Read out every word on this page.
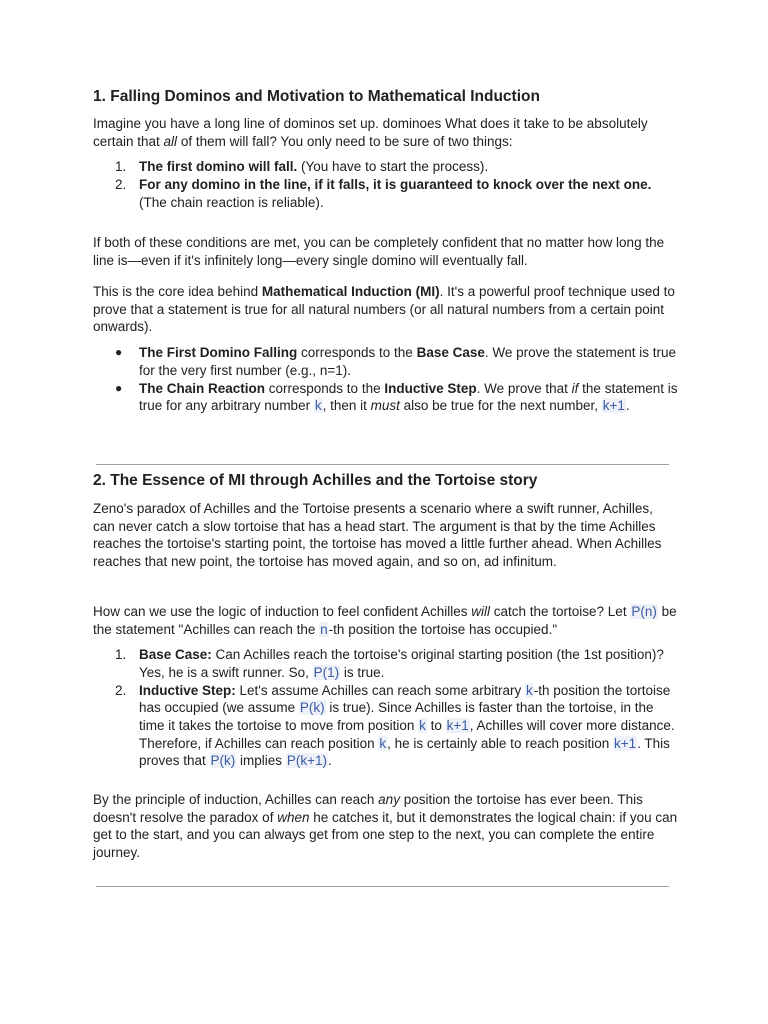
1. Falling Dominos and Motivation to Mathematical Induction

Imagine you have a long line of dominos set up. dominoes What does it take to be absolutely certain that all of them will fall? You only need to be sure of two things:

1. The first domino will fall. (You have to start the process).
2. For any domino in the line, if it falls, it is guaranteed to knock over the next one. (The chain reaction is reliable).

If both of these conditions are met, you can be completely confident that no matter how long the line is—even if it's infinitely long—every single domino will eventually fall.

This is the core idea behind Mathematical Induction (MI). It's a powerful proof technique used to prove that a statement is true for all natural numbers (or all natural numbers from a certain point onwards).

● The First Domino Falling corresponds to the Base Case. We prove the statement is true for the very first number (e.g., n=1).
● The Chain Reaction corresponds to the Inductive Step. We prove that if the statement is true for any arbitrary number k, then it must also be true for the next number, k+1.
2. The Essence of MI through Achilles and the Tortoise story

Zeno's paradox of Achilles and the Tortoise presents a scenario where a swift runner, Achilles, can never catch a slow tortoise that has a head start. The argument is that by the time Achilles reaches the tortoise's starting point, the tortoise has moved a little further ahead. When Achilles reaches that new point, the tortoise has moved again, and so on, ad infinitum.

How can we use the logic of induction to feel confident Achilles will catch the tortoise? Let P(n) be the statement "Achilles can reach the n-th position the tortoise has occupied."

1. Base Case: Can Achilles reach the tortoise's original starting position (the 1st position)? Yes, he is a swift runner. So, P(1) is true.
2. Inductive Step: Let's assume Achilles can reach some arbitrary k-th position the tortoise has occupied (we assume P(k) is true). Since Achilles is faster than the tortoise, in the time it takes the tortoise to move from position k to k+1, Achilles will cover more distance. Therefore, if Achilles can reach position k, he is certainly able to reach position k+1. This proves that P(k) implies P(k+1).

By the principle of induction, Achilles can reach any position the tortoise has ever been. This doesn't resolve the paradox of when he catches it, but it demonstrates the logical chain: if you can get to the start, and you can always get from one step to the next, you can complete the entire journey.
